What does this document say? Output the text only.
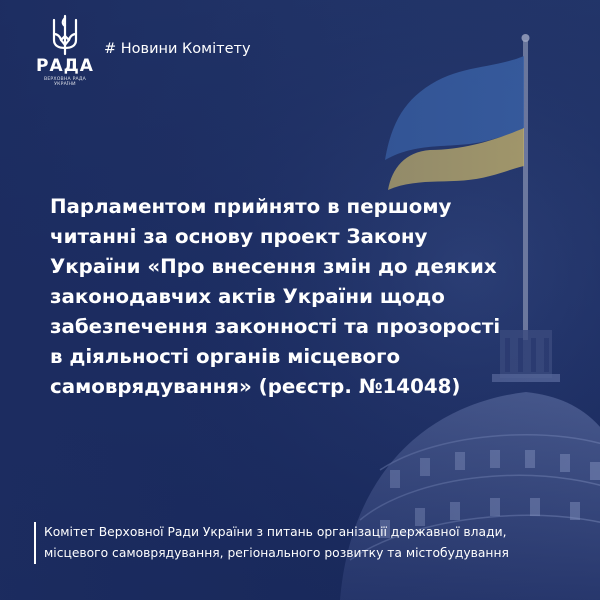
РАДА
ВЕРХОВНА РАДА
УКРАЇНИ
# Новини Комітету
Парламентом прийнято в першому
читанні за основу проект Закону
України «Про внесення змін до деяких
законодавчих актів України щодо
забезпечення законності та прозорості
в діяльності органів місцевого
самоврядування» (реєстр. №14048)
Комітет Верховної Ради України з питань організації державної влади,
місцевого самоврядування, регіонального розвитку та містобудування
